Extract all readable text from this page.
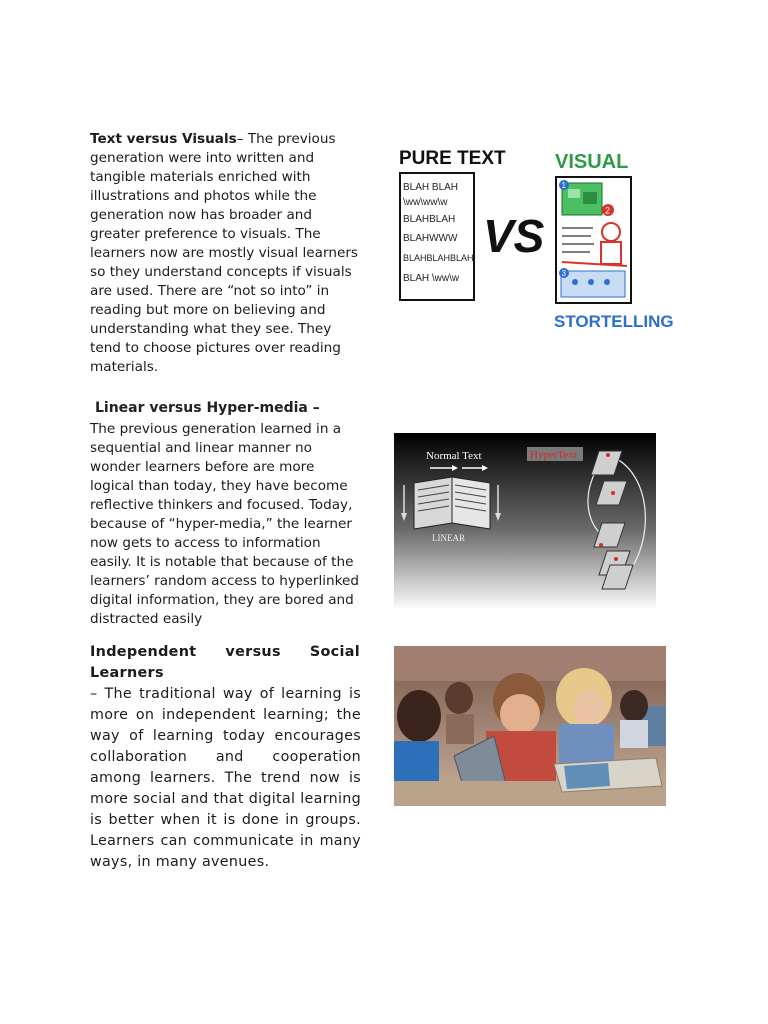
Text versus Visuals– The previous generation were into written and tangible materials enriched with illustrations and photos while the generation now has broader and greater preference to visuals. The learners now are mostly visual learners so they understand concepts if visuals are used. There are “not so into” in reading but more on believing and understanding what they see. They tend to choose pictures over reading materials.
PURE TEXT
BLAH BLAH
\ww\ww\w
BLAHBLAH
BLAHWWW
BLAHBLAHBLAH
BLAH \ww\w
VS
VISUAL
1
2
3
STORTELLING
Linear versus Hyper-media –
The previous generation learned in a sequential and linear manner no wonder learners before are more logical than today, they have become reflective thinkers and focused. Today, because of “hyper-media,” the learner now gets to access to information easily. It is notable that because of the learners’ random access to hyperlinked digital information, they are bored and distracted easily
Normal Text
LINEAR
HyperText
Independent versus Social
Learners
– The traditional way of learning is more on independent learning; the way of learning today encourages collaboration and cooperation among learners. The trend now is more social and that digital learning is better when it is done in groups. Learners can communicate in many ways, in many avenues.
